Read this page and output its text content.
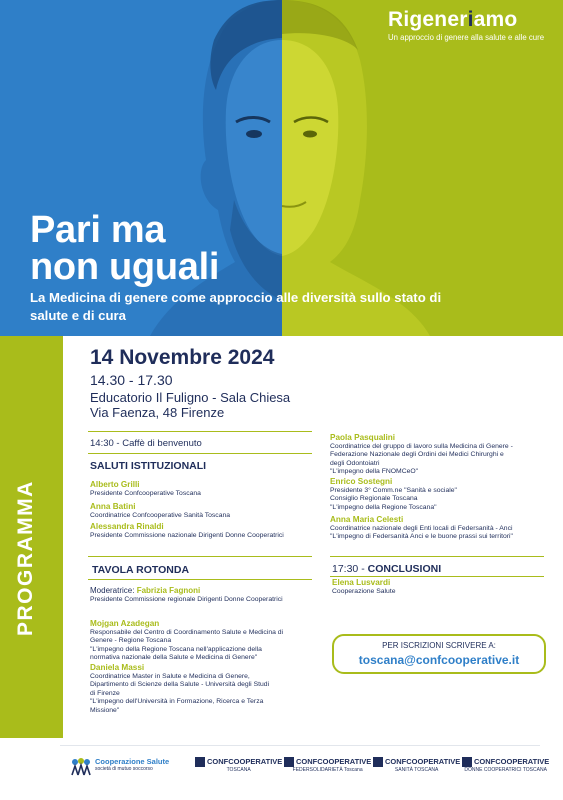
Rigeneriamo
Un approccio di genere alla salute e alle cure
Pari ma
non uguali
La Medicina di genere come approccio alle diversità sullo stato di
salute e di cura
PROGRAMMA
14 Novembre 2024
14.30 - 17.30
Educatorio Il Fuligno - Sala Chiesa
Via Faenza, 48 Firenze
14:30 - Caffè di benvenuto
SALUTI ISTITUZIONALI
Alberto Grilli
Presidente Confcooperative Toscana
Anna Batini
Coordinatrice Confcooperative Sanità Toscana
Alessandra Rinaldi
Presidente Commissione nazionale Dirigenti Donne Cooperatrici
TAVOLA ROTONDA
Moderatrice: Fabrizia Fagnoni
Presidente Commissione regionale Dirigenti Donne Cooperatrici
Mojgan Azadegan
Responsabile del Centro di Coordinamento Salute e Medicina di
Genere - Regione Toscana
"L'impegno della Regione Toscana nell'applicazione della
normativa nazionale della Salute e Medicina di Genere"
Daniela Massi
Coordinatrice Master in Salute e Medicina di Genere,
Dipartimento di Scienze della Salute - Università degli Studi
di Firenze
"L'impegno dell'Università in Formazione, Ricerca e Terza
Missione"
Paola Pasqualini
Coordinatrice del gruppo di lavoro sulla Medicina di Genere -
Federazione Nazionale degli Ordini dei Medici Chirurghi e
degli Odontoiatri
"L'impegno della FNOMCeO"
Enrico Sostegni
Presidente 3° Comm.ne "Sanità e sociale"
Consiglio Regionale Toscana
"L'impegno della Regione Toscana"
Anna Maria Celesti
Coordinatrice nazionale degli Enti locali di Federsanità - Anci
"L'impegno di Federsanità Anci e le buone prassi sui territori"
17:30 - CONCLUSIONI
Elena Lusvardi
Cooperazione Salute
PER ISCRIZIONI SCRIVERE A:
toscana@confcooperative.it
Cooperazione Salute
società di mutuo soccorso
CONFCOOPERATIVE
TOSCANA
CONFCOOPERATIVE
FEDERSOLIDARIETÀ Toscana
CONFCOOPERATIVE
SANITÀ TOSCANA
CONFCOOPERATIVE
DONNE COOPERATRICI TOSCANA
